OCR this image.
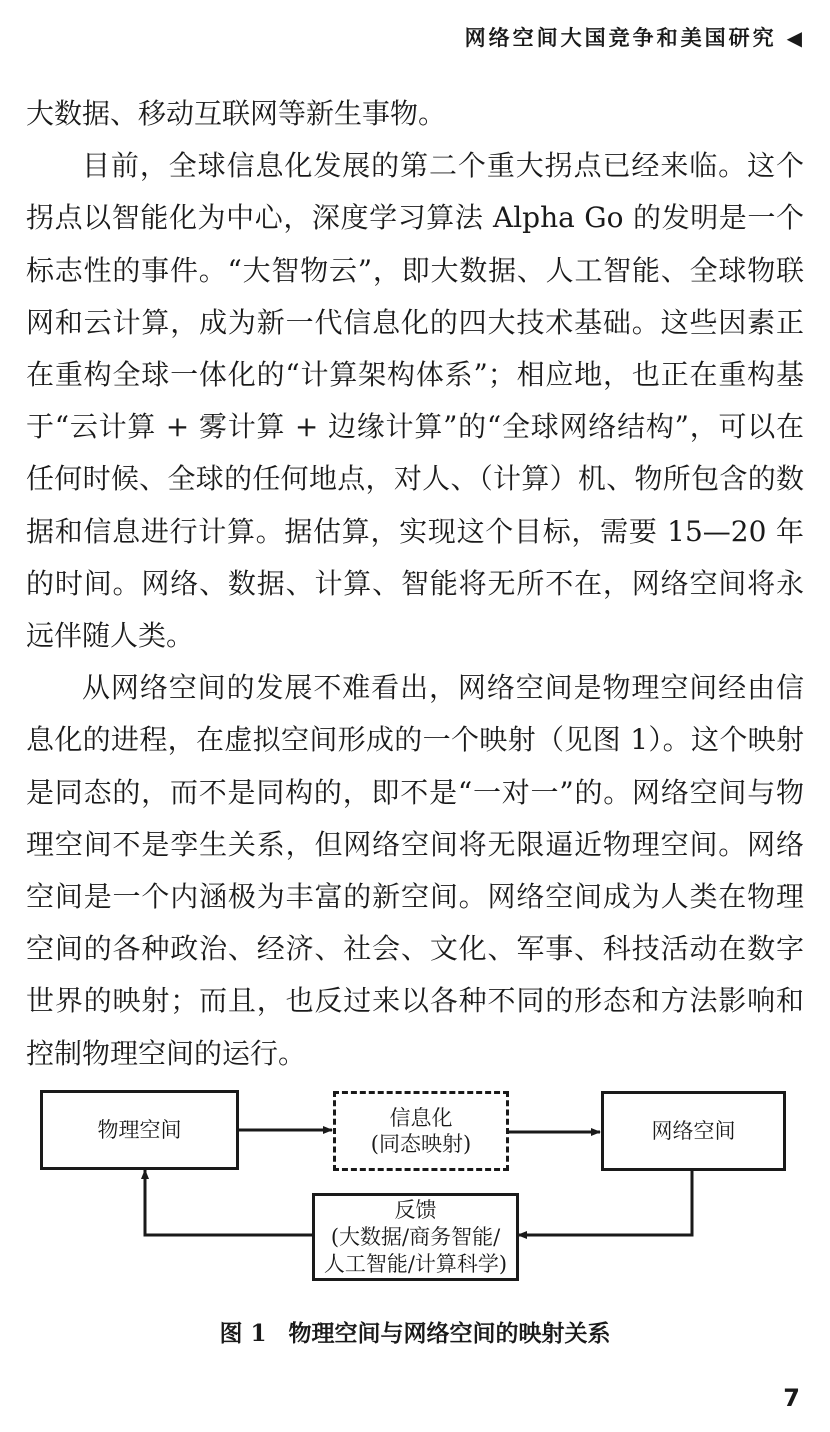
网络空间大国竞争和美国研究 ◀

大数据、移动互联网等新生事物。

目前，全球信息化发展的第二个重大拐点已经来临。这个拐点以智能化为中心，深度学习算法 Alpha Go 的发明是一个标志性的事件。“大智物云”，即大数据、人工智能、全球物联网和云计算，成为新一代信息化的四大技术基础。这些因素正在重构全球一体化的“计算架构体系”；相应地，也正在重构基于“云计算 + 雾计算 + 边缘计算”的“全球网络结构”，可以在任何时候、全球的任何地点，对人、（计算）机、物所包含的数据和信息进行计算。据估算，实现这个目标，需要 15—20 年的时间。网络、数据、计算、智能将无所不在，网络空间将永远伴随人类。

从网络空间的发展不难看出，网络空间是物理空间经由信息化的进程，在虚拟空间形成的一个映射（见图 1）。这个映射是同态的，而不是同构的，即不是“一对一”的。网络空间与物理空间不是孪生关系，但网络空间将无限逼近物理空间。网络空间是一个内涵极为丰富的新空间。网络空间成为人类在物理空间的各种政治、经济、社会、文化、军事、科技活动在数字世界的映射；而且，也反过来以各种不同的形态和方法影响和控制物理空间的运行。

物理空间	信息化
(同态映射)
网络空间
反馈
(大数据/商务智能/
人工智能/计算科学)
图 1 物理空间与网络空间的映射关系
7
